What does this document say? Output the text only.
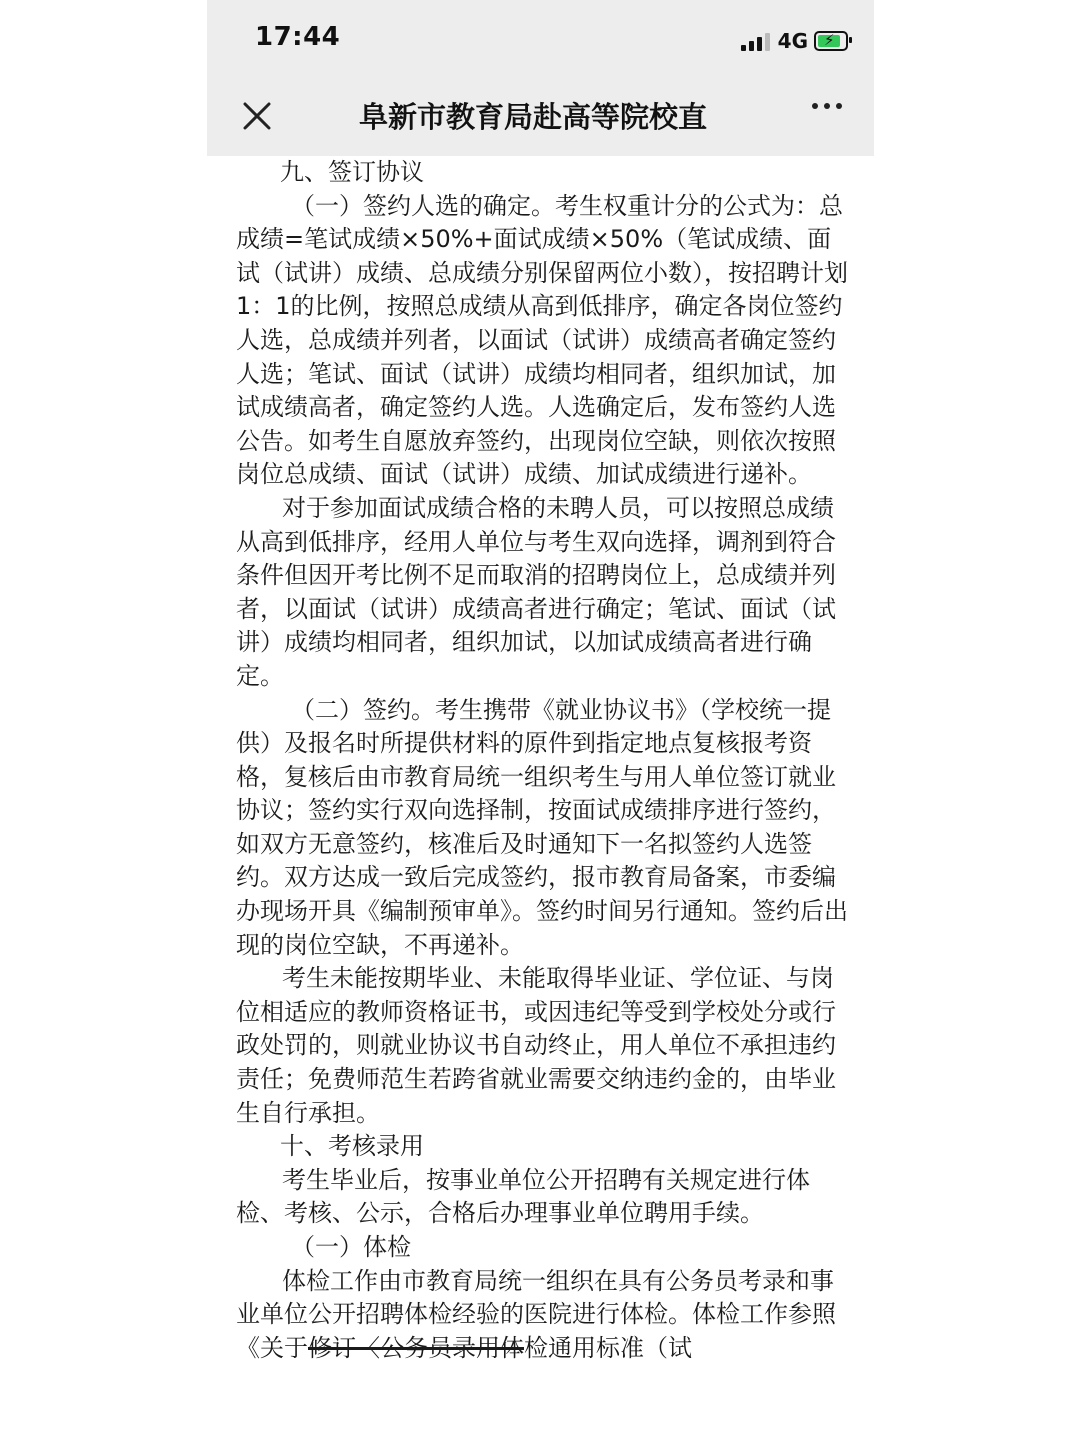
17:44	4G ⚡
阜新市教育局赴高等院校直

九、签订协议

（一）签约人选的确定。考生权重计分的公式为：总成绩=笔试成绩×50%+面试成绩×50%（笔试成绩、面试（试讲）成绩、总成绩分别保留两位小数），按招聘计划1：1的比例，按照总成绩从高到低排序，确定各岗位签约人选，总成绩并列者，以面试（试讲）成绩高者确定签约人选；笔试、面试（试讲）成绩均相同者，组织加试，加试成绩高者，确定签约人选。人选确定后，发布签约人选公告。如考生自愿放弃签约，出现岗位空缺，则依次按照岗位总成绩、面试（试讲）成绩、加试成绩进行递补。

对于参加面试成绩合格的未聘人员，可以按照总成绩从高到低排序，经用人单位与考生双向选择，调剂到符合条件但因开考比例不足而取消的招聘岗位上，总成绩并列者，以面试（试讲）成绩高者进行确定；笔试、面试（试讲）成绩均相同者，组织加试，以加试成绩高者进行确定。

（二）签约。考生携带《就业协议书》（学校统一提供）及报名时所提供材料的原件到指定地点复核报考资格，复核后由市教育局统一组织考生与用人单位签订就业协议；签约实行双向选择制，按面试成绩排序进行签约，如双方无意签约，核准后及时通知下一名拟签约人选签约。双方达成一致后完成签约，报市教育局备案，市委编办现场开具《编制预审单》。签约时间另行通知。签约后出现的岗位空缺，不再递补。

考生未能按期毕业、未能取得毕业证、学位证、与岗位相适应的教师资格证书，或因违纪等受到学校处分或行政处罚的，则就业协议书自动终止，用人单位不承担违约责任；免费师范生若跨省就业需要交纳违约金的，由毕业生自行承担。

十、考核录用

考生毕业后，按事业单位公开招聘有关规定进行体检、考核、公示，合格后办理事业单位聘用手续。

（一）体检

体检工作由市教育局统一组织在具有公务员考录和事业单位公开招聘体检经验的医院进行体检。体检工作参照《关于修订〈公务员录用体检通用标准（试
